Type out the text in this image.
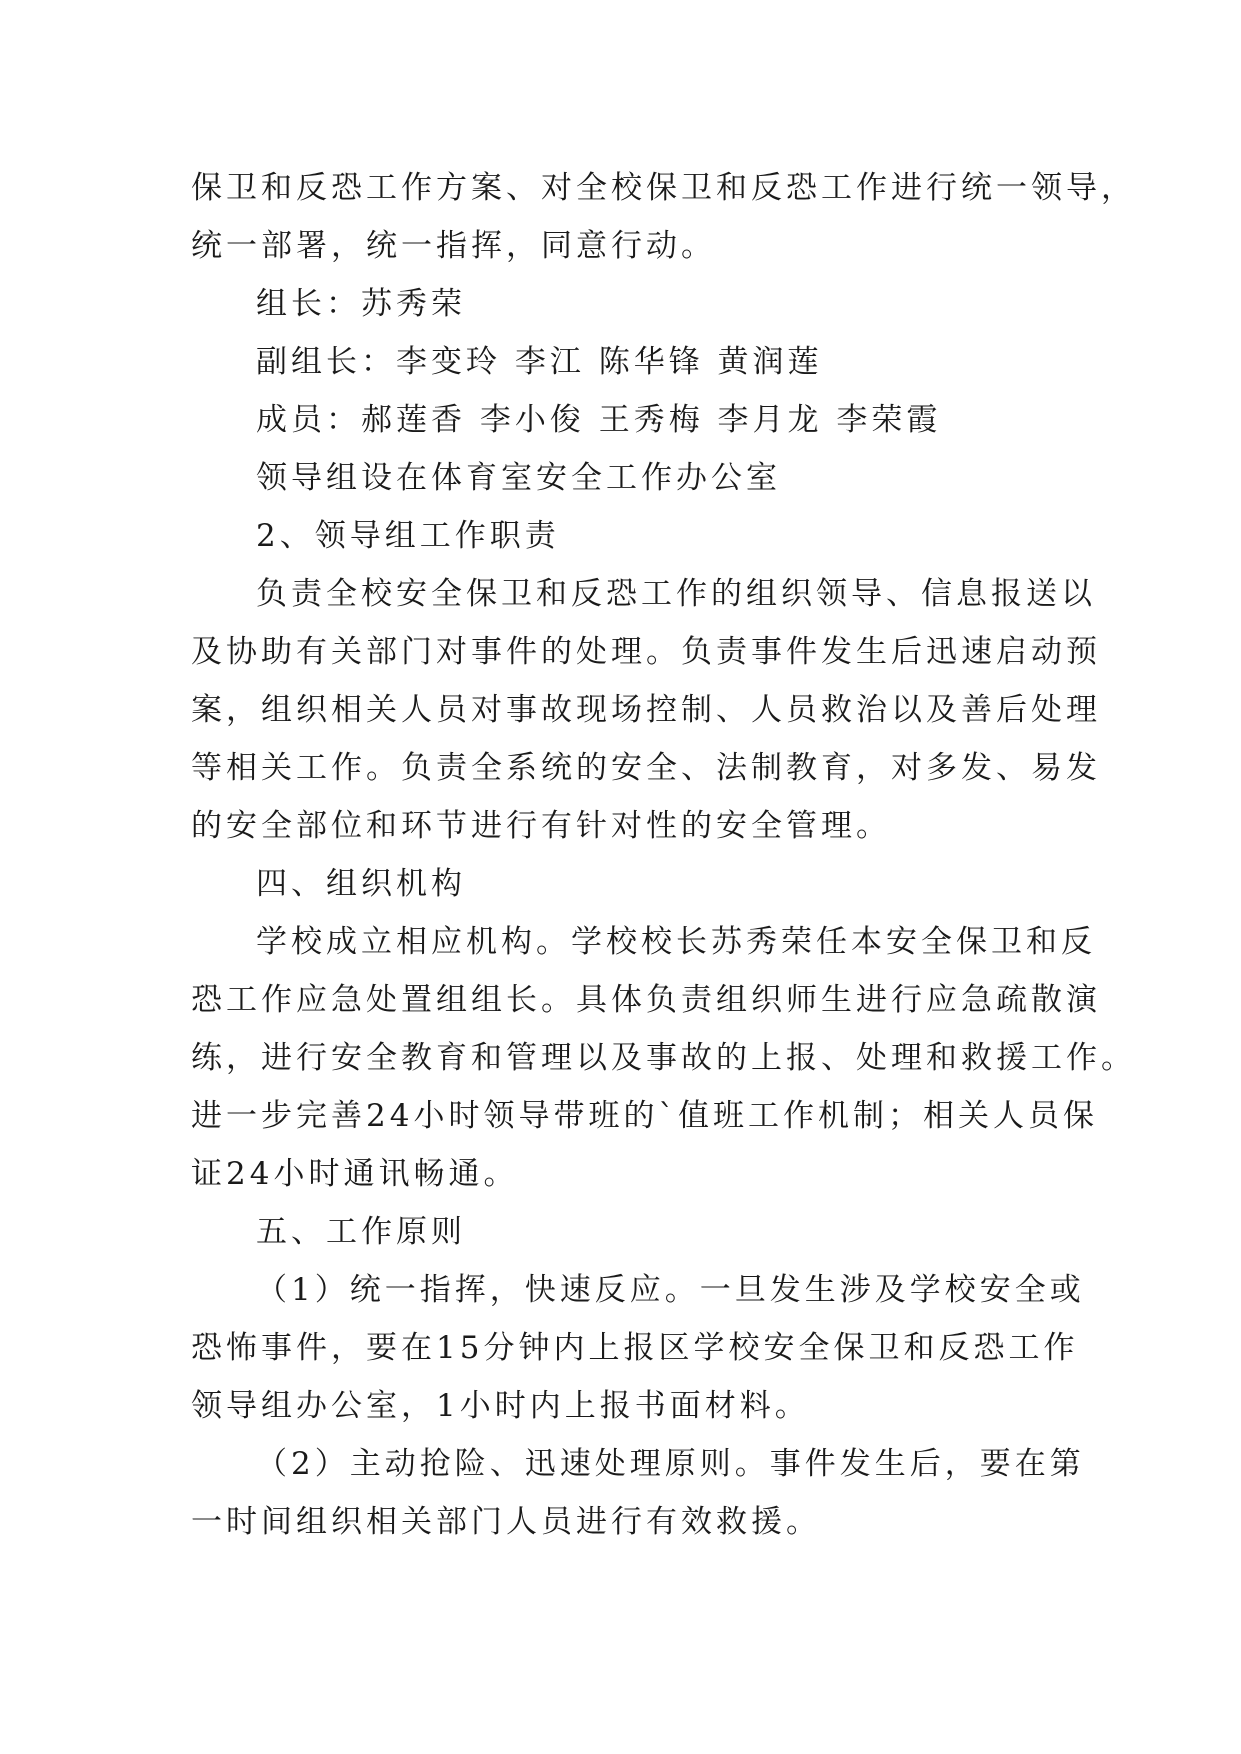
保卫和反恐工作方案、对全校保卫和反恐工作进行统一领导，
统一部署，统一指挥，同意行动。
组长：苏秀荣
副组长：李变玲 李江 陈华锋 黄润莲
成员：郝莲香 李小俊 王秀梅 李月龙 李荣霞
领导组设在体育室安全工作办公室
2、领导组工作职责
负责全校安全保卫和反恐工作的组织领导、信息报送以
及协助有关部门对事件的处理。负责事件发生后迅速启动预
案，组织相关人员对事故现场控制、人员救治以及善后处理
等相关工作。负责全系统的安全、法制教育，对多发、易发
的安全部位和环节进行有针对性的安全管理。
四、组织机构
学校成立相应机构。学校校长苏秀荣任本安全保卫和反
恐工作应急处置组组长。具体负责组织师生进行应急疏散演
练，进行安全教育和管理以及事故的上报、处理和救援工作。
进一步完善24小时领导带班的`值班工作机制；相关人员保
证24小时通讯畅通。
五、工作原则
（1）统一指挥，快速反应。一旦发生涉及学校安全或
恐怖事件，要在15分钟内上报区学校安全保卫和反恐工作
领导组办公室，1小时内上报书面材料。
（2）主动抢险、迅速处理原则。事件发生后，要在第
一时间组织相关部门人员进行有效救援。
